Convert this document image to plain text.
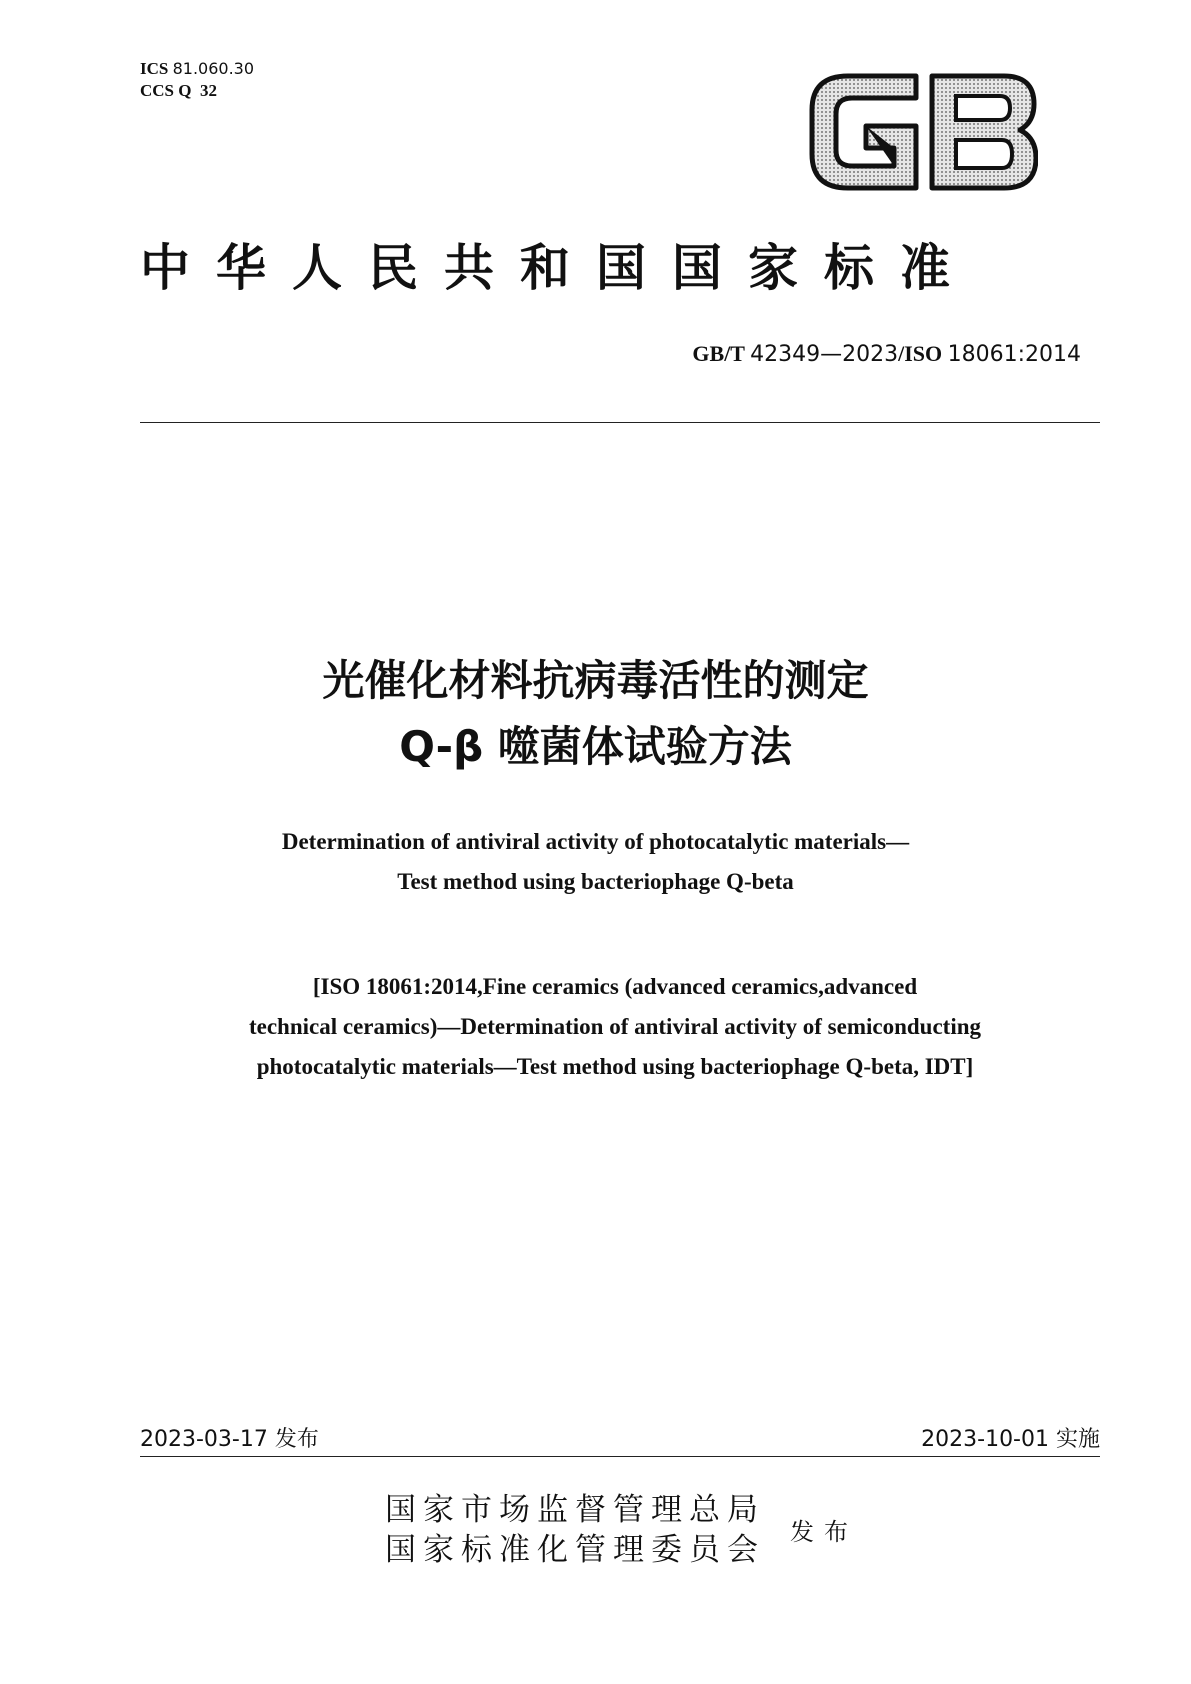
ICS 81.060.30
CCS Q  32
中华人民共和国国家标准
GB/T 42349—2023/ISO 18061:2014
光催化材料抗病毒活性的测定
Q-β 噬菌体试验方法
Determination of antiviral activity of photocatalytic materials—
Test method using bacteriophage Q-beta
[ISO 18061:2014,Fine ceramics (advanced ceramics,advanced
technical ceramics)—Determination of antiviral activity of semiconducting
photocatalytic materials—Test method using bacteriophage Q-beta, IDT]
2023-03-17 发布	2023-10-01 实施
国家市场监督管理总局
国家标准化管理委员会 发布
